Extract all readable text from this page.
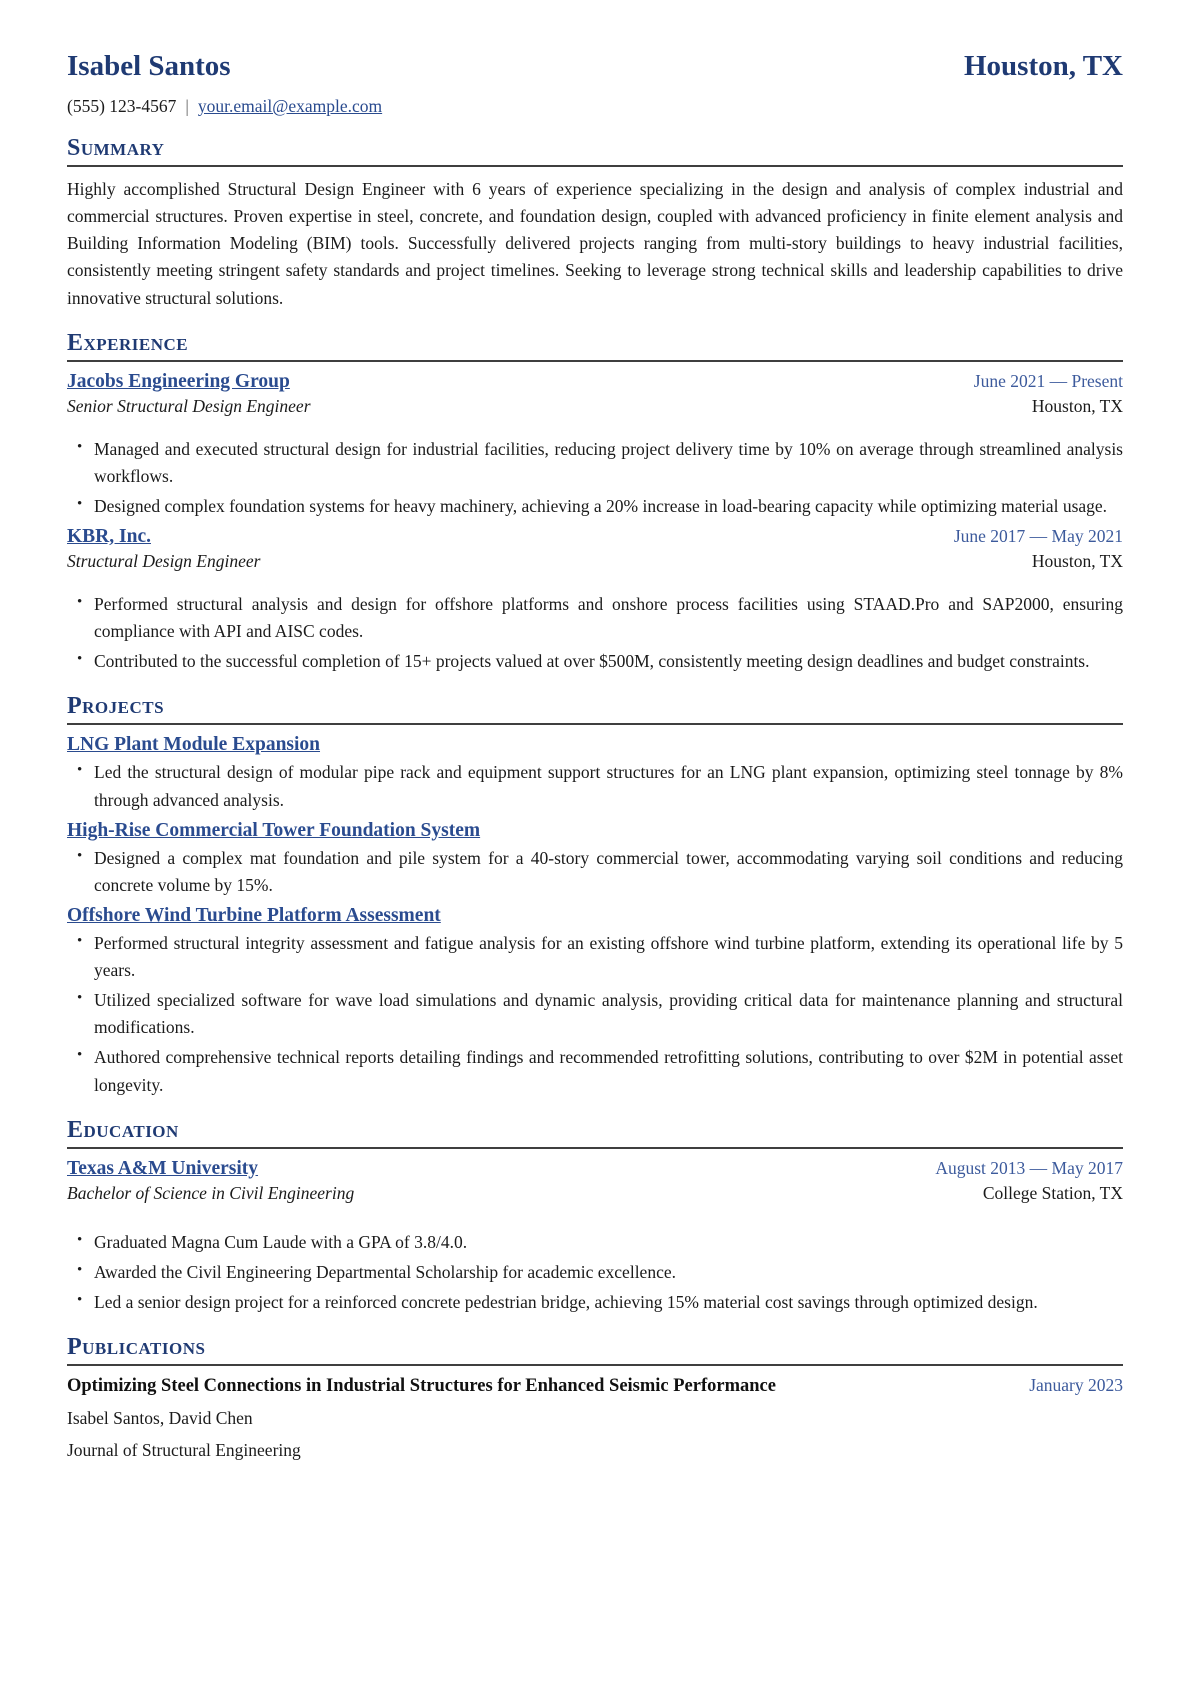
Isabel Santos	Houston, TX
(555) 123-4567 | your.email@example.com
Summary

Highly accomplished Structural Design Engineer with 6 years of experience specializing in the design and analysis of complex industrial and commercial structures. Proven expertise in steel, concrete, and foundation design, coupled with advanced proficiency in finite element analysis and Building Information Modeling (BIM) tools. Successfully delivered projects ranging from multi-story buildings to heavy industrial facilities, consistently meeting stringent safety standards and project timelines. Seeking to leverage strong technical skills and leadership capabilities to drive innovative structural solutions.

Experience
Jacobs Engineering Group	June 2021 — Present
Senior Structural Design Engineer	Houston, TX
• Managed and executed structural design for industrial facilities, reducing project delivery time by 10% on average through streamlined analysis workflows.
• Designed complex foundation systems for heavy machinery, achieving a 20% increase in load-bearing capacity while optimizing material usage.
KBR, Inc.	June 2017 — May 2021
Structural Design Engineer	Houston, TX
• Performed structural analysis and design for offshore platforms and onshore process facilities using STAAD.Pro and SAP2000, ensuring compliance with API and AISC codes.
• Contributed to the successful completion of 15+ projects valued at over $500M, consistently meeting design deadlines and budget constraints.
Projects
LNG Plant Module Expansion
• Led the structural design of modular pipe rack and equipment support structures for an LNG plant expansion, optimizing steel tonnage by 8% through advanced analysis.
High-Rise Commercial Tower Foundation System
• Designed a complex mat foundation and pile system for a 40-story commercial tower, accommodating varying soil conditions and reducing concrete volume by 15%.
Offshore Wind Turbine Platform Assessment
• Performed structural integrity assessment and fatigue analysis for an existing offshore wind turbine platform, extending its operational life by 5 years.
• Utilized specialized software for wave load simulations and dynamic analysis, providing critical data for maintenance planning and structural modifications.
• Authored comprehensive technical reports detailing findings and recommended retrofitting solutions, contributing to over $2M in potential asset longevity.
Education
Texas A&M University	August 2013 — May 2017
Bachelor of Science in Civil Engineering	College Station, TX
• Graduated Magna Cum Laude with a GPA of 3.8/4.0.
• Awarded the Civil Engineering Departmental Scholarship for academic excellence.
• Led a senior design project for a reinforced concrete pedestrian bridge, achieving 15% material cost savings through optimized design.
Publications
Optimizing Steel Connections in Industrial Structures for Enhanced Seismic Performance	January 2023
Isabel Santos, David Chen
Journal of Structural Engineering
